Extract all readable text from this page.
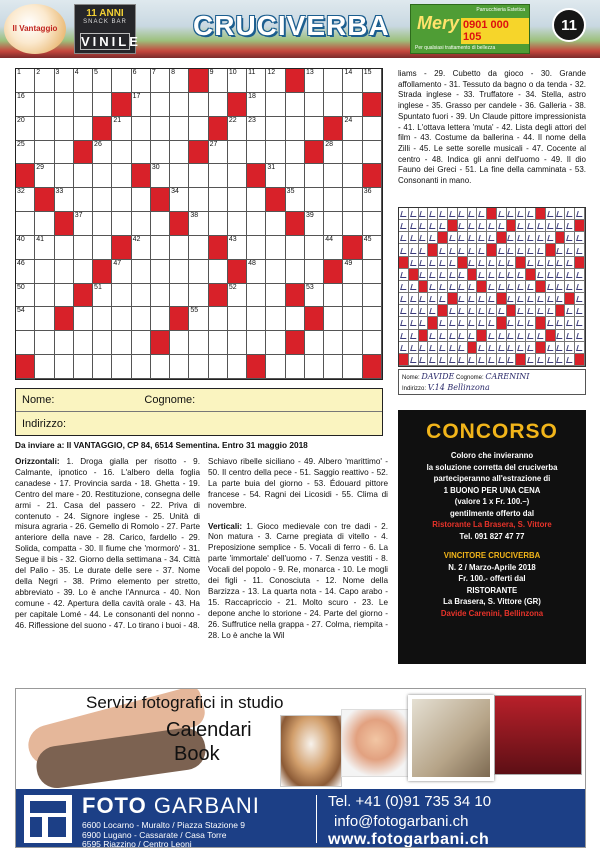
Il Vantaggio
11 ANNI
SNACK BAR
VINILE
CRUCIVERBA	Parrucchieria Estetica
Mery 0901 000 105
Per qualsiasi trattamento di bellezza
11
1 2 3 4 5	6 7 8	9 10 11 12	13	14 15
16	17	18
20	21	22 23	24
25	26	27	28
29	30	31
32	33	34	35	36
37	38	39
40 41	42	43	44	45
46	47	48	49
50	51	52	53
54	55
liams - 29. Cubetto da gioco - 30. Grande affollamento - 31. Tessuto da bagno o da tenda - 32. Strada inglese - 33. Truffatore - 34. Stella, astro inglese - 35. Grasso per candele - 36. Galleria - 38. Spuntato fuori - 39. Un Claude pittore impressionista - 41. L'ottava lettera 'muta' - 42. Lista degli attori del film - 43. Costume da ballerina - 44. Il nome della Zilli - 45. Le sette sorelle musicali - 47. Cocente al centro - 48. Indica gli anni dell'uomo - 49. Il dio Fauno dei Greci - 51. La fine della camminata - 53. Consonanti in mano.
Nome: DAVIDE Cognome: CARENINI
Indirizzo: V.14 Bellinzona
Nome:	Cognome:
Indirizzo:
Da inviare a: Il VANTAGGIO, CP 84, 6514 Sementina. Entro 31 maggio 2018
Orizzontali: 1. Droga gialla per risotto - 9. Calmante, ipnotico - 16. L'albero della foglia canadese - 17. Provincia sarda - 18. Ghetta - 19. Centro del mare - 20. Restituzione, consegna delle armi - 21. Casa del passero - 22. Priva di contenuto - 24. Signore inglese - 25. Unità di misura agraria - 26. Gemello di Romolo - 27. Parte anteriore della nave - 28. Carico, fardello - 29. Solida, compatta - 30. Il fiume che 'mormorò' - 31. Segue il bis - 32. Giorno della settimana - 34. Città del Palio - 35. Le durate delle sere - 37. Nome della Negri - 38. Primo elemento per stretto, abbreviato - 39. Lo è anche l'Annurca - 40. Non comune - 42. Apertura della cavità orale - 43. Ha per capitale Lomé - 44. Le consonanti del nonno - 46. Riflessione del suono - 47. Lo tirano i buoi - 48.
Schiavo ribelle siciliano - 49. Albero 'marittimo' - 50. Il centro della pece - 51. Saggio reattivo - 52. La parte buia del giorno - 53. Édouard pittore francese - 54. Ragni dei Licosidi - 55. Clima di novembre.
Verticali: 1. Gioco medievale con tre dadi - 2. Non matura - 3. Carne pregiata di vitello - 4. Preposizione semplice - 5. Vocali di ferro - 6. La parte 'immortale' dell'uomo - 7. Senza vestiti - 8. Vocali del popolo - 9. Re, monarca - 10. Le mogli dei figli - 11. Conosciuta - 12. Nome della Barzizza - 13. La quarta nota - 14. Capo arabo - 15. Raccapriccio - 21. Molto scuro - 23. Le depone anche lo storione - 24. Parte del giorno - 26. Suffrutice nella grappa - 27. Colma, riempita - 28. Lo è anche la Wil
CONCORSO
Coloro che invieranno
la soluzione corretta del cruciverba
parteciperanno all'estrazione di
1 BUONO PER UNA CENA
(valore 1 x Fr. 100.–)
gentilmente offerto dal
Ristorante La Brasera, S. Vittore
Tel. 091 827 47 77
VINCITORE CRUCIVERBA
N. 2 / Marzo-Aprile 2018
Fr. 100.- offerti dal
RISTORANTE
La Brasera, S. Vittore (GR)
Davide Carenini, Bellinzona
Servizi fotografici in studio
Calendari
Book
FOTO GARBANI
6600 Locarno - Muralto / Piazza Stazione 9
6900 Lugano - Cassarate / Casa Torre
6595 Riazzino / Centro Leoni
Tel. +41 (0)91 735 34 10
info@fotogarbani.ch
www.fotogarbani.ch
